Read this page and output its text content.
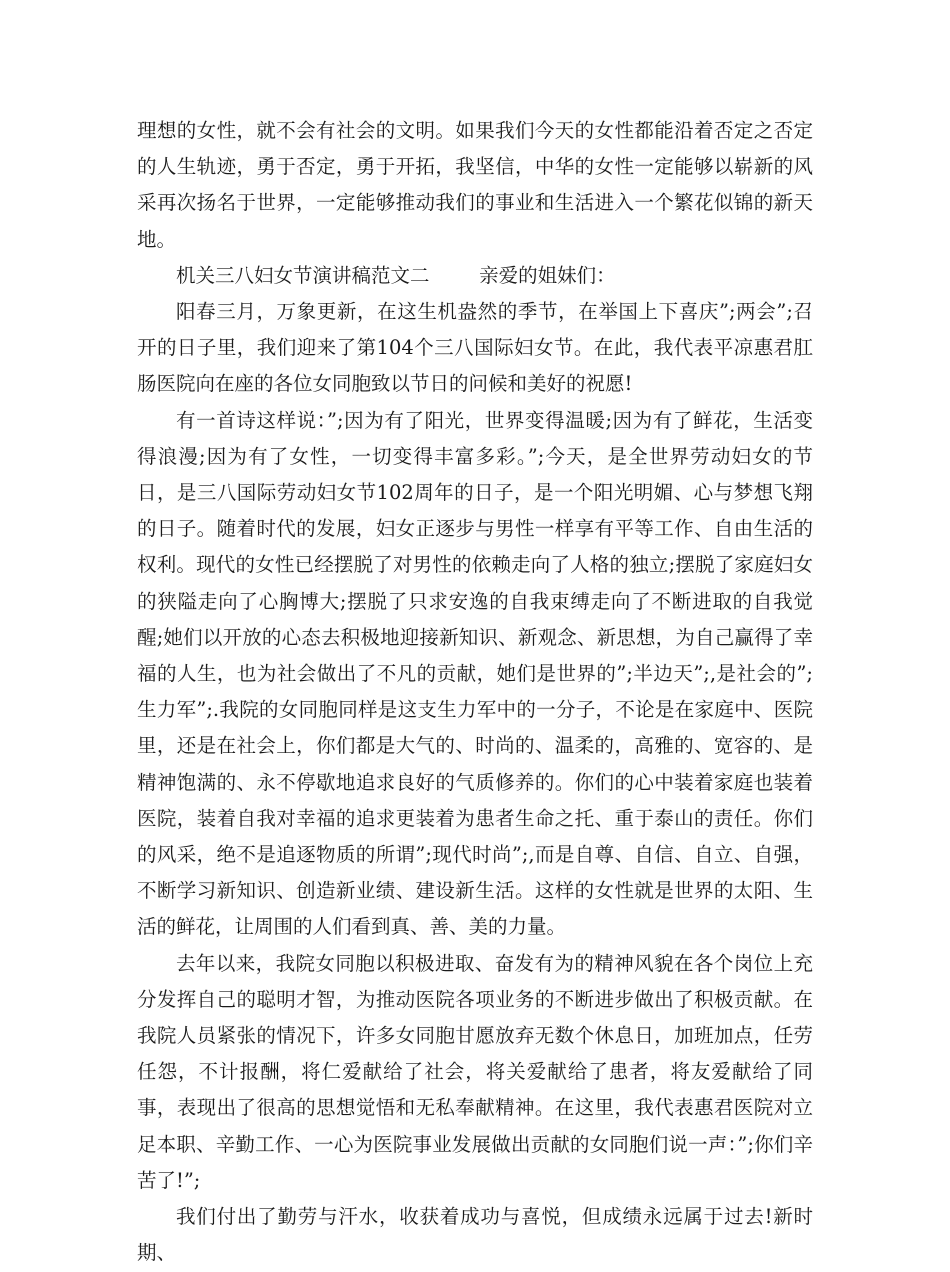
理想的女性，就不会有社会的文明。如果我们今天的女性都能沿着否定之否定的人生轨迹，勇于否定，勇于开拓，我坚信，中华的女性一定能够以崭新的风采再次扬名于世界，一定能够推动我们的事业和生活进入一个繁花似锦的新天地。

机关三八妇女节演讲稿范文二	亲爱的姐妹们：

阳春三月，万象更新，在这生机盎然的季节，在举国上下喜庆”;两会”;召开的日子里，我们迎来了第104个三八国际妇女节。在此，我代表平凉惠君肛肠医院向在座的各位女同胞致以节日的问候和美好的祝愿!

有一首诗这样说：”;因为有了阳光，世界变得温暖;因为有了鲜花，生活变得浪漫;因为有了女性，一切变得丰富多彩。”;今天，是全世界劳动妇女的节日，是三八国际劳动妇女节102周年的日子，是一个阳光明媚、心与梦想飞翔的日子。随着时代的发展，妇女正逐步与男性一样享有平等工作、自由生活的权利。现代的女性已经摆脱了对男性的依赖走向了人格的独立;摆脱了家庭妇女的狭隘走向了心胸博大;摆脱了只求安逸的自我束缚走向了不断进取的自我觉醒;她们以开放的心态去积极地迎接新知识、新观念、新思想，为自己赢得了幸福的人生，也为社会做出了不凡的贡献，她们是世界的”;半边天”;,是社会的”;生力军”;.我院的女同胞同样是这支生力军中的一分子，不论是在家庭中、医院里，还是在社会上，你们都是大气的、时尚的、温柔的，高雅的、宽容的、是精神饱满的、永不停歇地追求良好的气质修养的。你们的心中装着家庭也装着医院，装着自我对幸福的追求更装着为患者生命之托、重于泰山的责任。你们的风采，绝不是追逐物质的所谓”;现代时尚”;,而是自尊、自信、自立、自强，不断学习新知识、创造新业绩、建设新生活。这样的女性就是世界的太阳、生活的鲜花，让周围的人们看到真、善、美的力量。

去年以来，我院女同胞以积极进取、奋发有为的精神风貌在各个岗位上充分发挥自己的聪明才智，为推动医院各项业务的不断进步做出了积极贡献。在我院人员紧张的情况下，许多女同胞甘愿放弃无数个休息日，加班加点，任劳任怨，不计报酬，将仁爱献给了社会，将关爱献给了患者，将友爱献给了同事，表现出了很高的思想觉悟和无私奉献精神。在这里，我代表惠君医院对立足本职、辛勤工作、一心为医院事业发展做出贡献的女同胞们说一声：”;你们辛苦了!”;

我们付出了勤劳与汗水，收获着成功与喜悦，但成绩永远属于过去!新时期、
